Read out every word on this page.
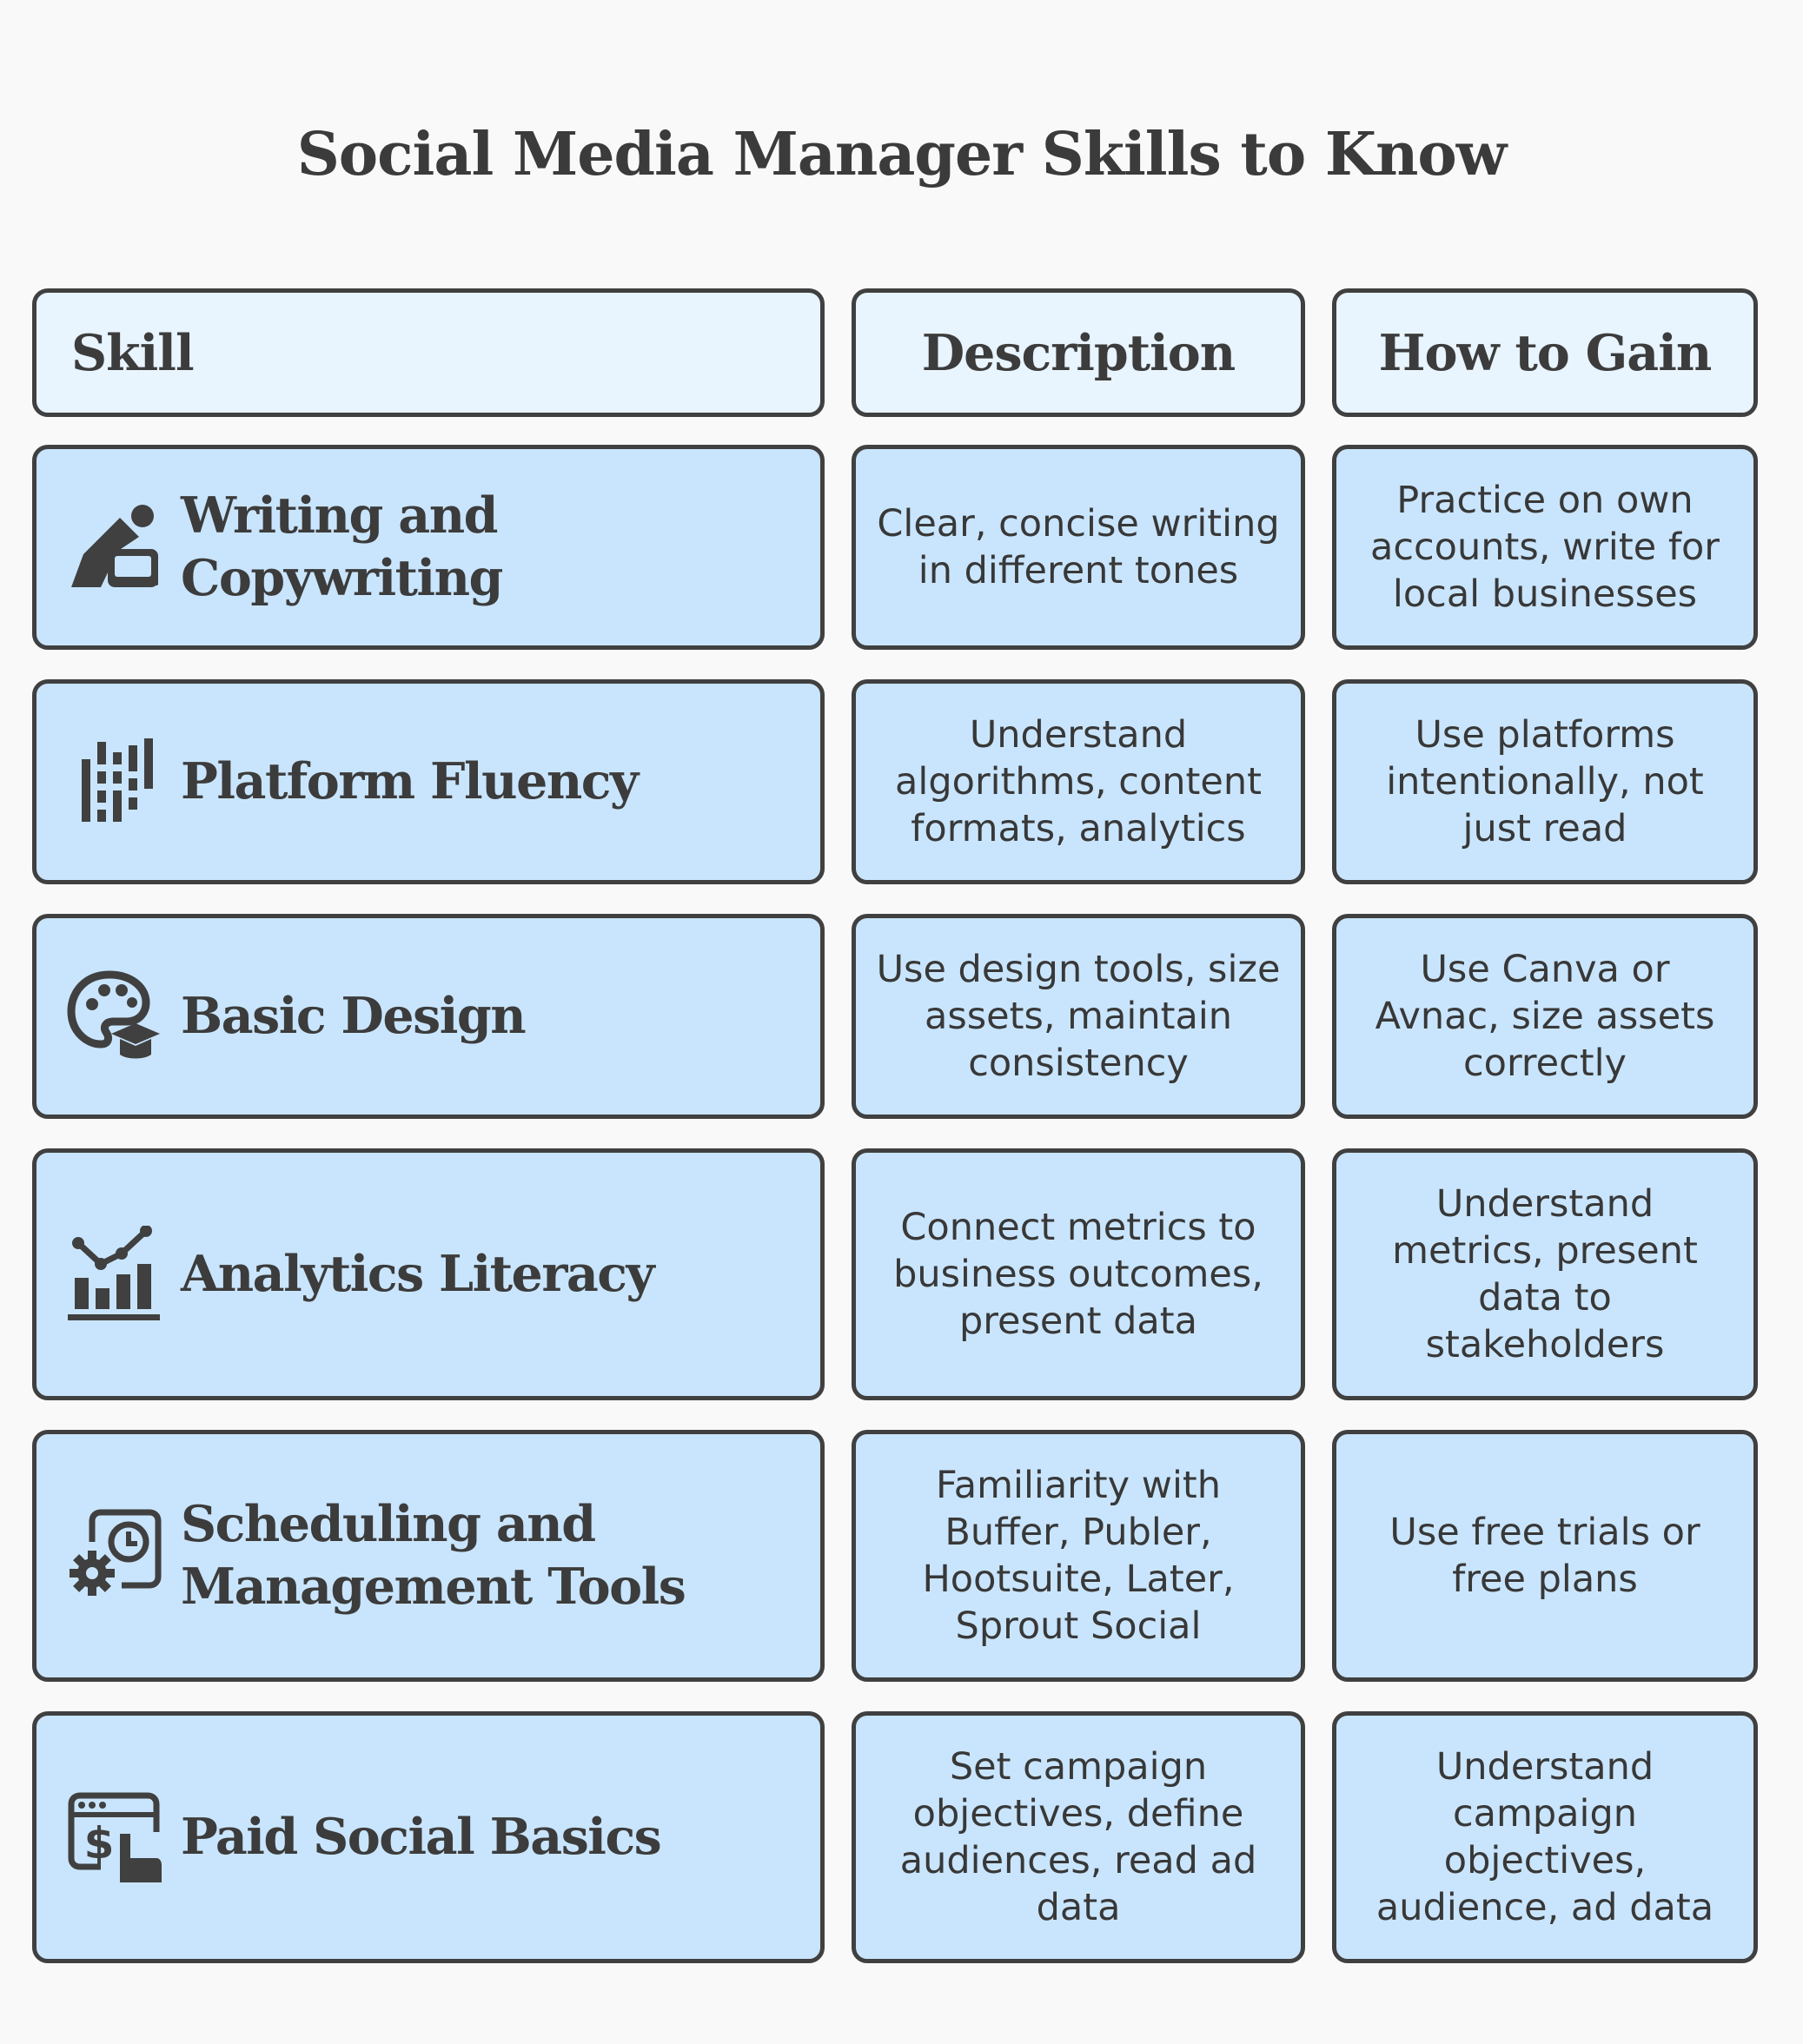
Social Media Manager Skills to Know
Skill	Description	How to Gain
Writing and Copywriting
Clear, concise writing in different tones
Practice on own accounts, write for local businesses
Platform Fluency
Understand algorithms, content formats, analytics
Use platforms intentionally, not just read
Basic Design
Use design tools, size assets, maintain consistency
Use Canva or Avnac, size assets correctly
Analytics Literacy
Connect metrics to business outcomes, present data
Understand metrics, present data to stakeholders
Scheduling and Management Tools
Familiarity with Buffer, Publer, Hootsuite, Later, Sprout Social
Use free trials or free plans
$ Paid Social Basics
Set campaign objectives, define audiences, read ad data
Understand campaign objectives, audience, ad data
